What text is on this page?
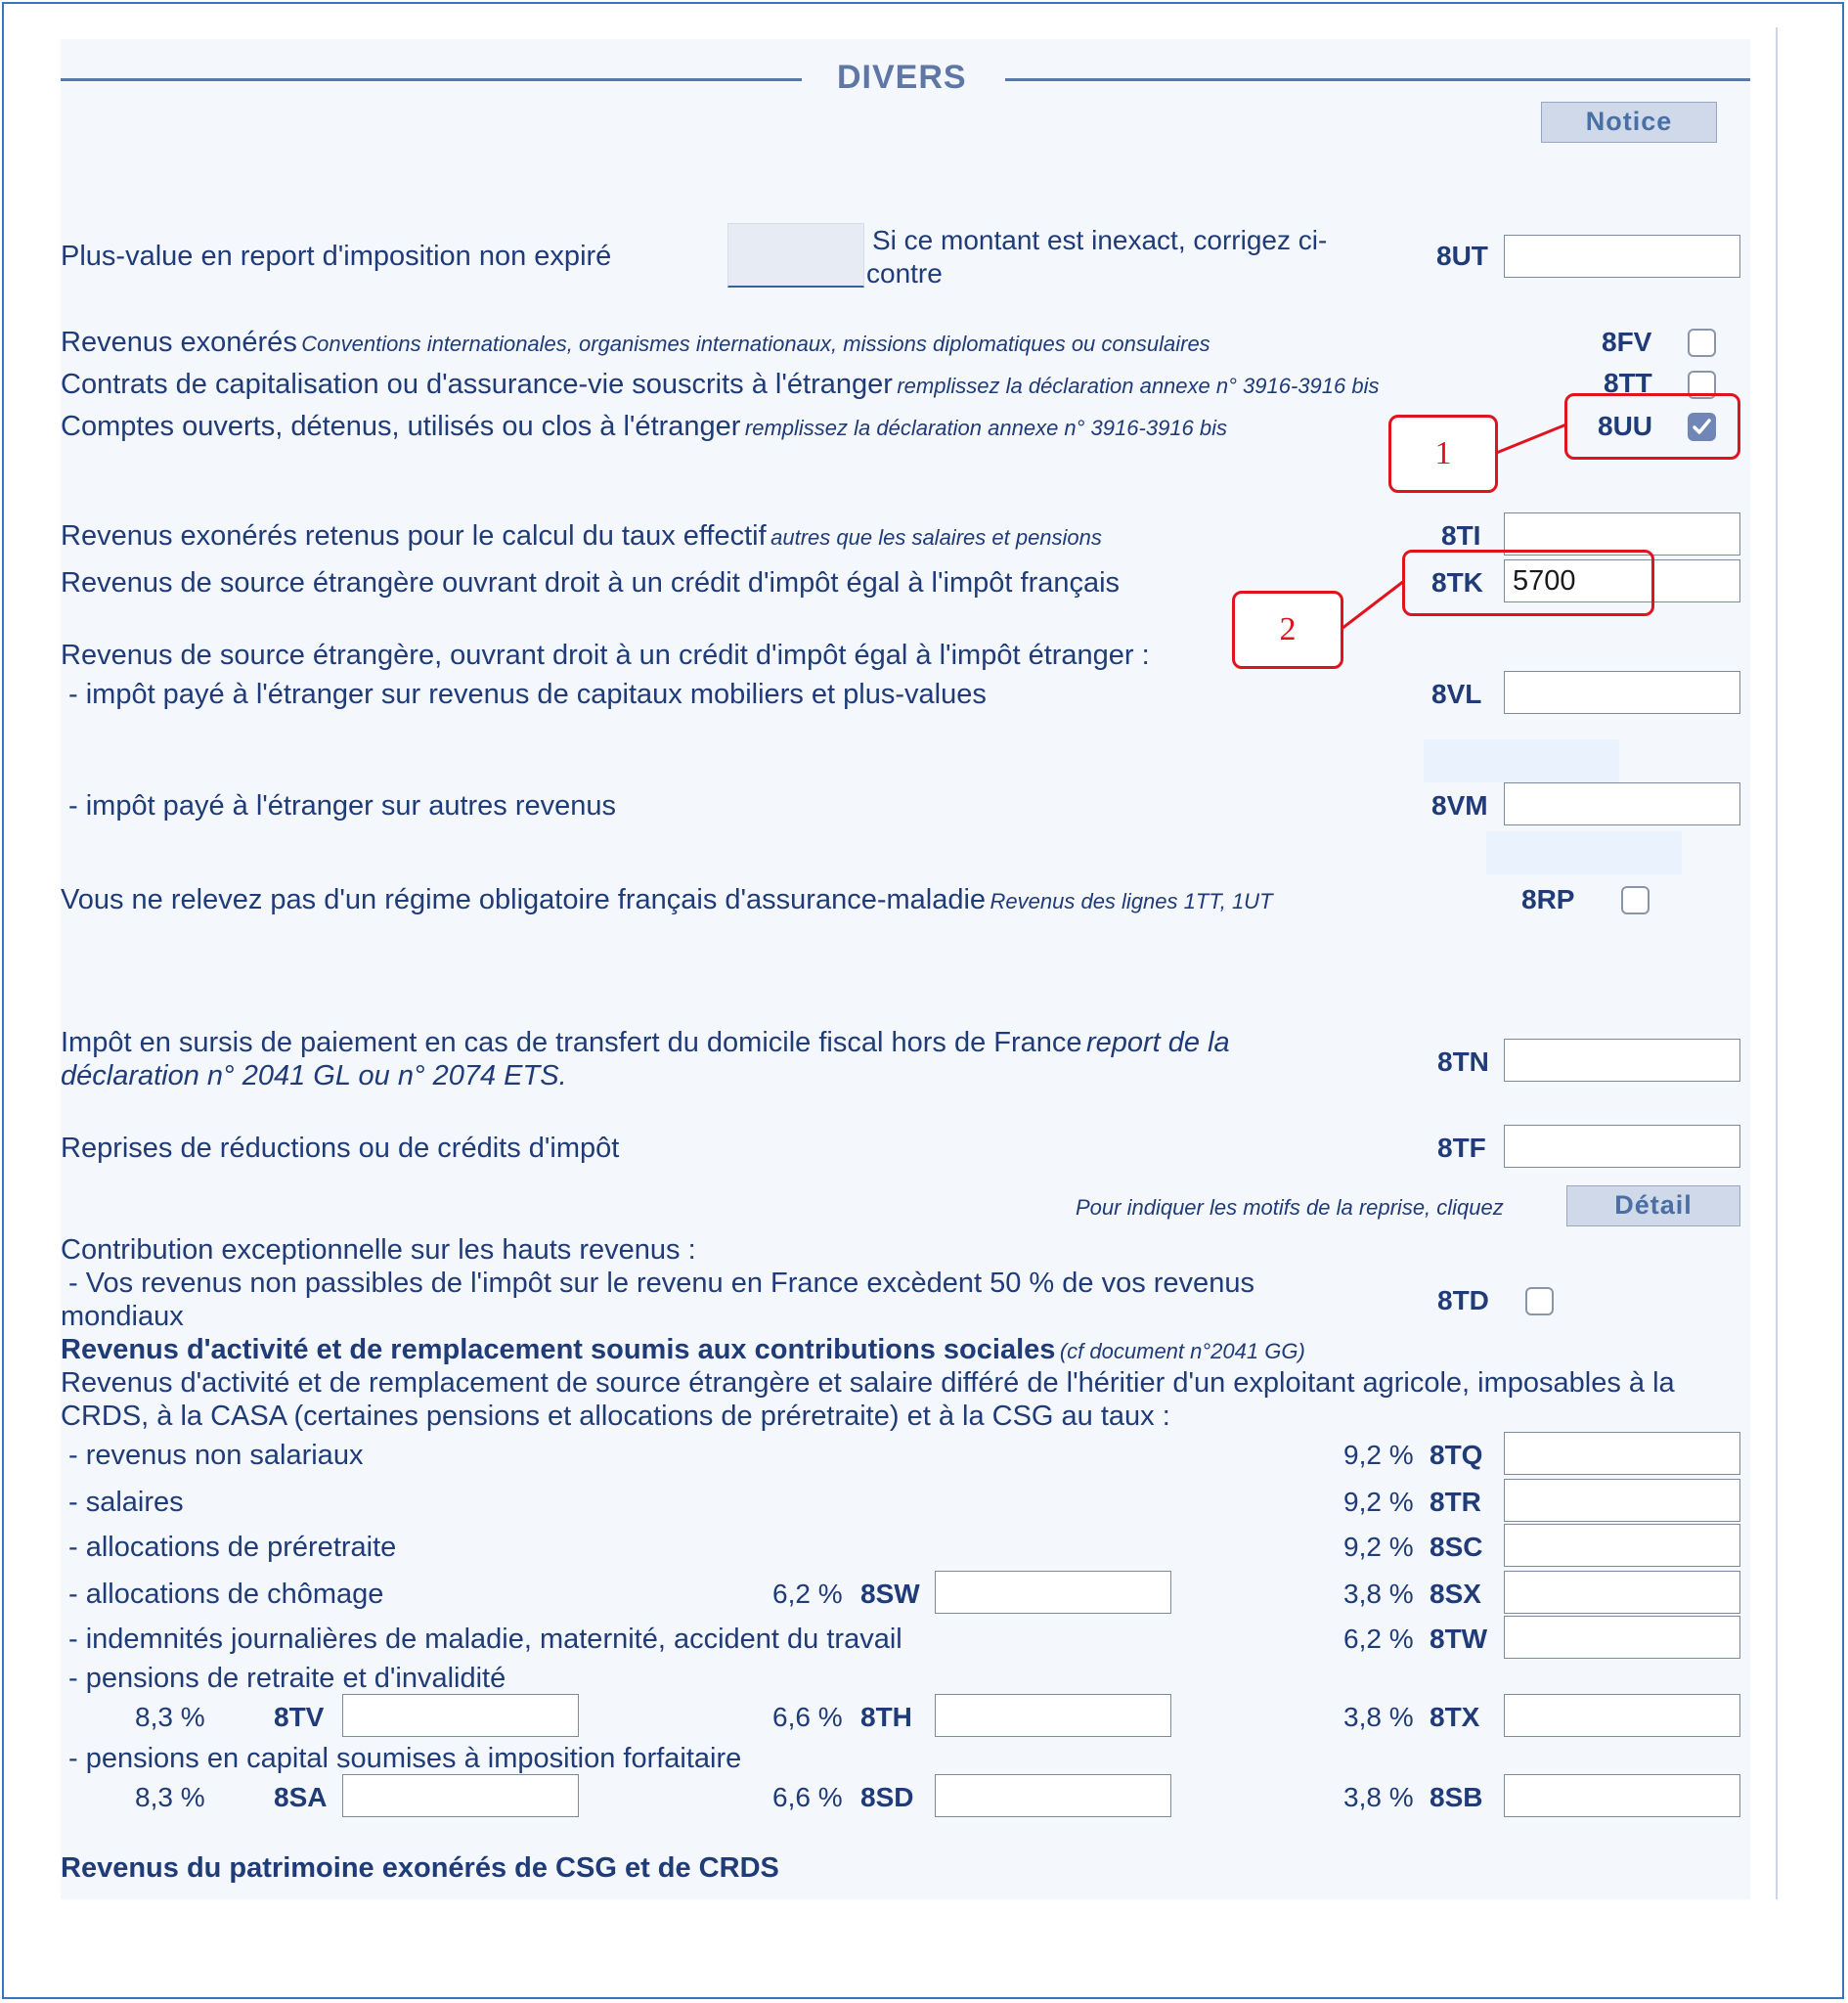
DIVERS
Notice
Plus-value en report d'imposition non expiré
Si ce montant est inexact, corrigez ci-
contre
8UT
Revenus exonérés Conventions internationales, organismes internationaux, missions diplomatiques ou consulaires	8FV
Contrats de capitalisation ou d'assurance-vie souscrits à l'étranger remplissez la déclaration annexe n° 3916-3916 bis	8TT
Comptes ouverts, détenus, utilisés ou clos à l'étranger remplissez la déclaration annexe n° 3916-3916 bis	8UU
1
Revenus exonérés retenus pour le calcul du taux effectif autres que les salaires et pensions	8TI
Revenus de source étrangère ouvrant droit à un crédit d'impôt égal à l'impôt français	8TK	5700
2
Revenus de source étrangère, ouvrant droit à un crédit d'impôt égal à l'impôt étranger :
- impôt payé à l'étranger sur revenus de capitaux mobiliers et plus-values	8VL
- impôt payé à l'étranger sur autres revenus	8VM
Vous ne relevez pas d'un régime obligatoire français d'assurance-maladie Revenus des lignes 1TT, 1UT	8RP
Impôt en sursis de paiement en cas de transfert du domicile fiscal hors de France report de la
déclaration n° 2041 GL ou n° 2074 ETS.	8TN
Reprises de réductions ou de crédits d'impôt	8TF
Pour indiquer les motifs de la reprise, cliquez	Détail
Contribution exceptionnelle sur les hauts revenus :
- Vos revenus non passibles de l'impôt sur le revenu en France excèdent 50 % de vos revenus
mondiaux
8TD
Revenus d'activité et de remplacement soumis aux contributions sociales (cf document n°2041 GG)
Revenus d'activité et de remplacement de source étrangère et salaire différé de l'héritier d'un exploitant agricole, imposables à la
CRDS, à la CASA (certaines pensions et allocations de préretraite) et à la CSG au taux :
- revenus non salariaux	9,2 % 8TQ
- salaires	9,2 % 8TR
- allocations de préretraite	9,2 % 8SC
- allocations de chômage	6,2 % 8SW	3,8 % 8SX
- indemnités journalières de maladie, maternité, accident du travail	6,2 % 8TW
- pensions de retraite et d'invalidité
8,3 %	8TV	6,6 % 8TH	3,8 % 8TX
- pensions en capital soumises à imposition forfaitaire
8,3 %	8SA	6,6 % 8SD	3,8 % 8SB
Revenus du patrimoine exonérés de CSG et de CRDS
